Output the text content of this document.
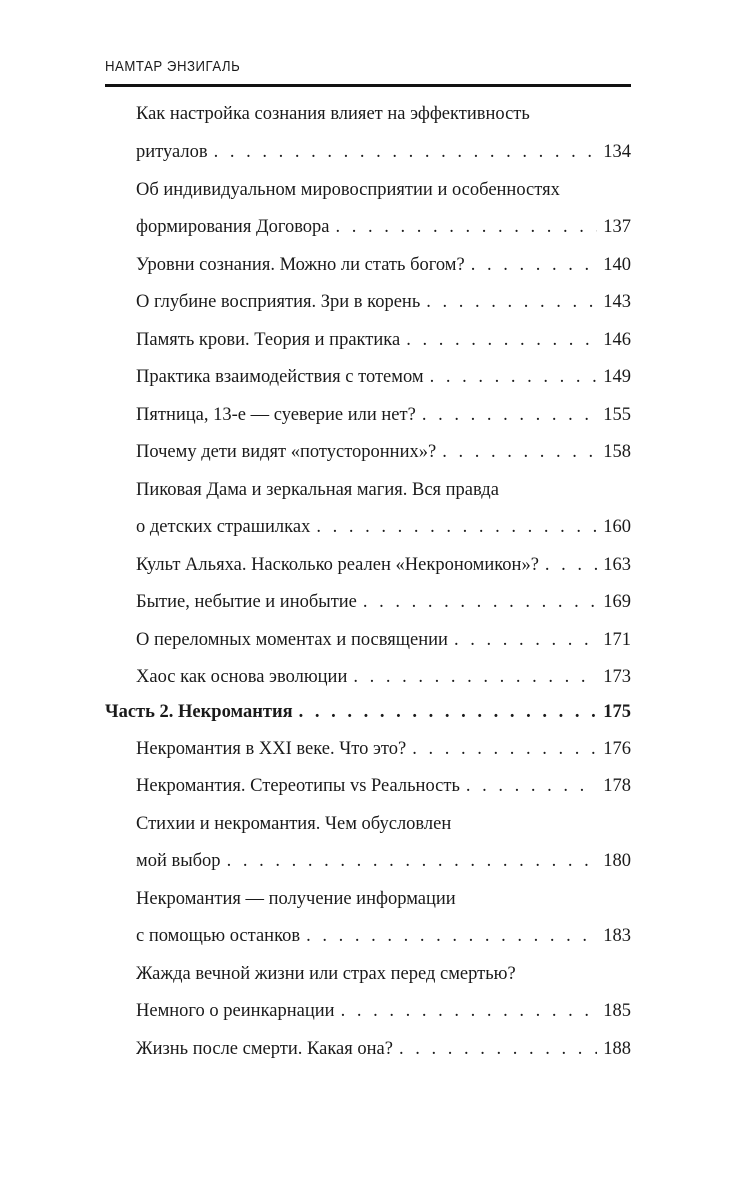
НАМТАР ЭНЗИГАЛЬ
Как настройка сознания влияет на эффективность
ритуалов . . .	134
Об индивидуальном мировосприятии и особенностях
формирования Договора . . .	137
Уровни сознания. Можно ли стать богом? . . .	140
О глубине восприятия. Зри в корень . . .	143
Память крови. Теория и практика . . .	146
Практика взаимодействия с тотемом . . .	149
Пятница, 13-е — суеверие или нет? . . .	155
Почему дети видят «потусторонних»? . . .	158
Пиковая Дама и зеркальная магия. Вся правда
о детских страшилках . . .	160
Культ Альяха. Насколько реален «Некрономикон»? . . .	163
Бытие, небытие и инобытие . . .	169
О переломных моментах и посвящении . . .	171
Хаос как основа эволюции . . .	173
Часть 2. Некромантия . . .	175
Некромантия в XXI веке. Что это? . . .	176
Некромантия. Стереотипы vs Реальность . . .	178
Стихии и некромантия. Чем обусловлен
мой выбор . . .	180
Некромантия — получение информации
с помощью останков . . .	183
Жажда вечной жизни или страх перед смертью?
Немного о реинкарнации . . .	185
Жизнь после смерти. Какая она? . . .	188
